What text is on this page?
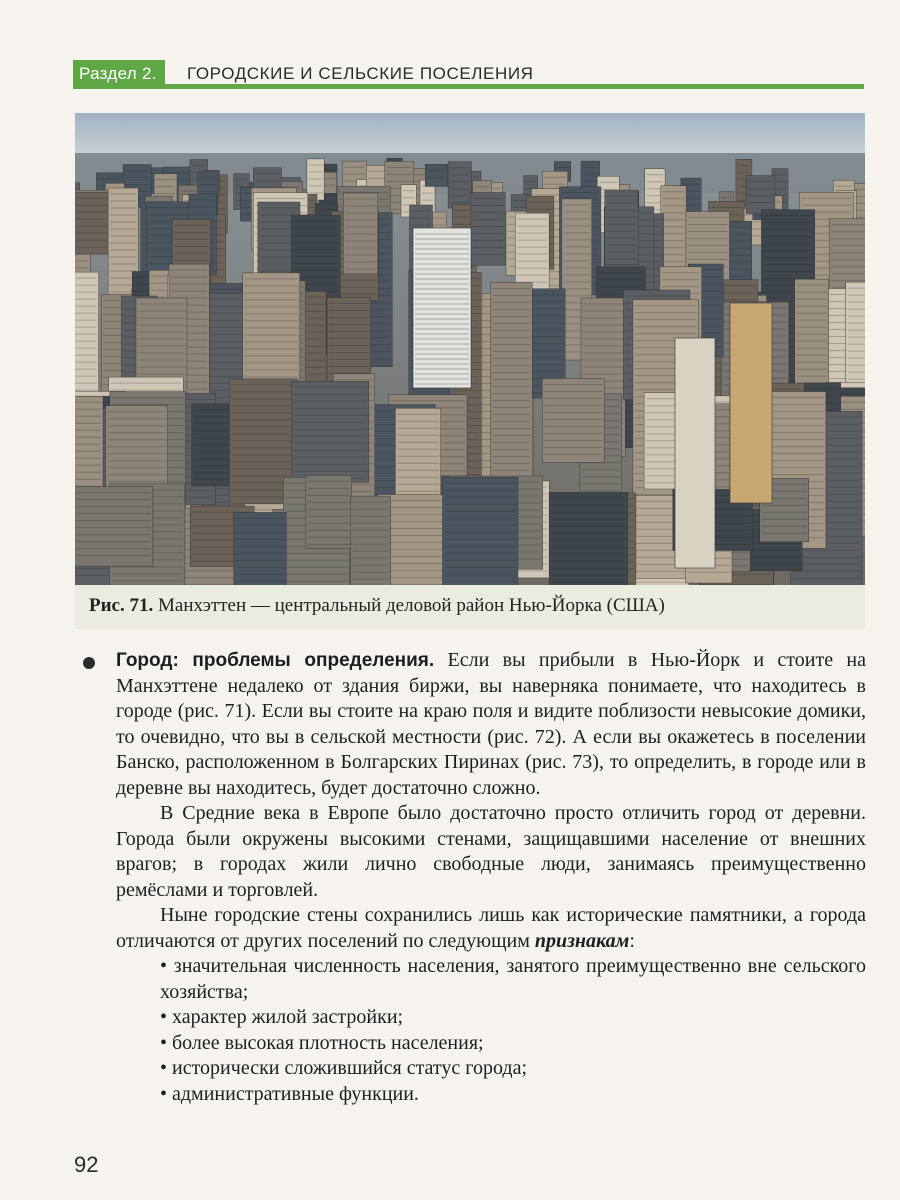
Раздел 2.	ГОРОДСКИЕ И СЕЛЬСКИЕ ПОСЕЛЕНИЯ
Рис. 71. Манхэттен — центральный деловой район Нью-Йорка (США)

Город: проблемы определения. Если вы прибыли в Нью-Йорк и стоите на Манхэттене недалеко от здания биржи, вы наверняка понимаете, что находитесь в городе (рис. 71). Если вы стоите на краю поля и видите поблизости невысокие домики, то очевидно, что вы в сельской местности (рис. 72). А если вы окажетесь в поселении Банско, расположенном в Болгарских Пиринах (рис. 73), то определить, в городе или в деревне вы находитесь, будет достаточно сложно.

В Средние века в Европе было достаточно просто отличить город от деревни. Города были окружены высокими стенами, защищавшими население от внешних врагов; в городах жили лично свободные люди, занимаясь преимущественно ремёслами и торговлей.

Ныне городские стены сохранились лишь как исторические памятники, а города отличаются от других поселений по следующим признакам:

• значительная численность населения, занятого преимущественно вне сельского хозяйства;
• характер жилой застройки;
• более высокая плотность населения;
• исторически сложившийся статус города;
• административные функции.
92
